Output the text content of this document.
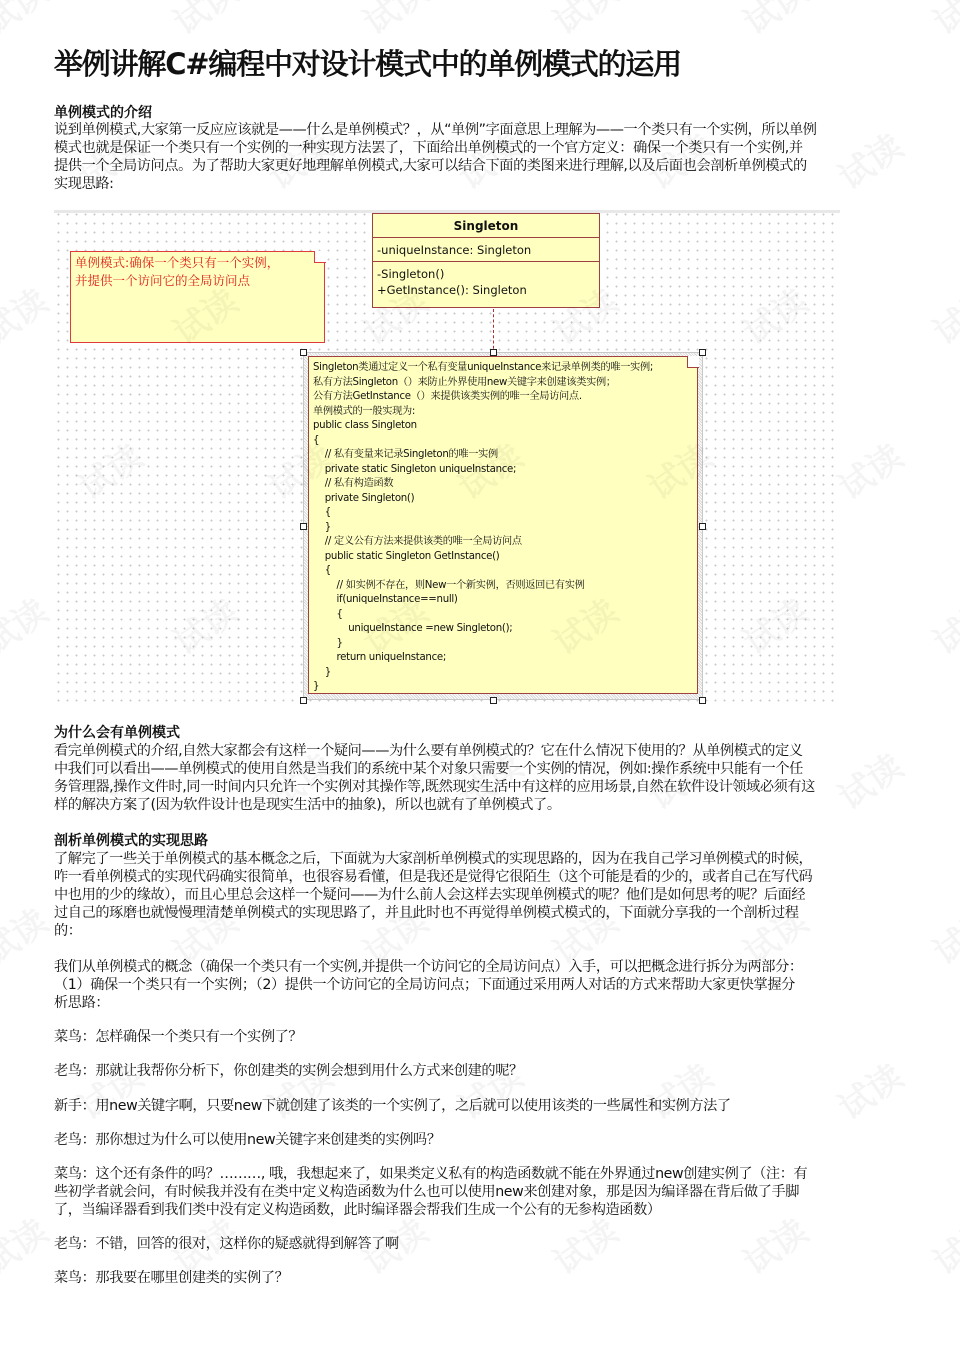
举例讲解C#编程中对设计模式中的单例模式的运用
单例模式的介绍
说到单例模式,大家第一反应应该就是——什么是单例模式？，从“单例”字面意思上理解为——一个类只有一个实例，所以单例
模式也就是保证一个类只有一个实例的一种实现方法罢了，下面给出单例模式的一个官方定义：确保一个类只有一个实例,并
提供一个全局访问点。为了帮助大家更好地理解单例模式,大家可以结合下面的类图来进行理解,以及后面也会剖析单例模式的
实现思路:
为什么会有单例模式
看完单例模式的介绍,自然大家都会有这样一个疑问——为什么要有单例模式的？它在什么情况下使用的？从单例模式的定义
中我们可以看出——单例模式的使用自然是当我们的系统中某个对象只需要一个实例的情况，例如:操作系统中只能有一个任
务管理器,操作文件时,同一时间内只允许一个实例对其操作等,既然现实生活中有这样的应用场景,自然在软件设计领域必须有这
样的解决方案了(因为软件设计也是现实生活中的抽象)，所以也就有了单例模式了。
剖析单例模式的实现思路
了解完了一些关于单例模式的基本概念之后，下面就为大家剖析单例模式的实现思路的，因为在我自己学习单例模式的时候，
咋一看单例模式的实现代码确实很简单，也很容易看懂，但是我还是觉得它很陌生（这个可能是看的少的，或者自己在写代码
中也用的少的缘故），而且心里总会这样一个疑问——为什么前人会这样去实现单例模式的呢？他们是如何思考的呢？后面经
过自己的琢磨也就慢慢理清楚单例模式的实现思路了，并且此时也不再觉得单例模式模式的，下面就分享我的一个剖析过程
的：
我们从单例模式的概念（确保一个类只有一个实例,并提供一个访问它的全局访问点）入手，可以把概念进行拆分为两部分：
（1）确保一个类只有一个实例；（2）提供一个访问它的全局访问点；下面通过采用两人对话的方式来帮助大家更快掌握分
析思路：
菜鸟：怎样确保一个类只有一个实例了？
老鸟：那就让我帮你分析下，你创建类的实例会想到用什么方式来创建的呢？
新手：用new关键字啊，只要new下就创建了该类的一个实例了，之后就可以使用该类的一些属性和实例方法了
老鸟：那你想过为什么可以使用new关键字来创建类的实例吗？
菜鸟：这个还有条件的吗？………, 哦，我想起来了，如果类定义私有的构造函数就不能在外界通过new创建实例了（注：有
些初学者就会问，有时候我并没有在类中定义构造函数为什么也可以使用new来创建对象，那是因为编译器在背后做了手脚
了，当编译器看到我们类中没有定义构造函数，此时编译器会帮我们生成一个公有的无参构造函数）
老鸟：不错，回答的很对，这样你的疑惑就得到解答了啊
菜鸟：那我要在哪里创建类的实例了？
单例模式:确保一个类只有一个实例，
并提供一个访问它的全局访问点
Singleton
-uniqueInstance: Singleton
-Singleton()
+GetInstance(): Singleton
Singleton类通过定义一个私有变量uniqueInstance来记录单例类的唯一实例;
私有方法Singleton（）来防止外界使用new关键字来创建该类实例；
公有方法GetInstance（）来提供该类实例的唯一全局访问点.
单例模式的一般实现为:
public class Singleton
{
// 私有变量来记录Singleton的唯一实例
private static Singleton uniqueInstance;
// 私有构造函数
private Singleton()
{
}
// 定义公有方法来提供该类的唯一全局访问点
public static Singleton GetInstance()
{
// 如实例不存在，则New一个新实例，否则返回已有实例
if(uniqueInstance==null)
{
uniqueInstance =new Singleton();
}
return uniqueInstance;
}
}
